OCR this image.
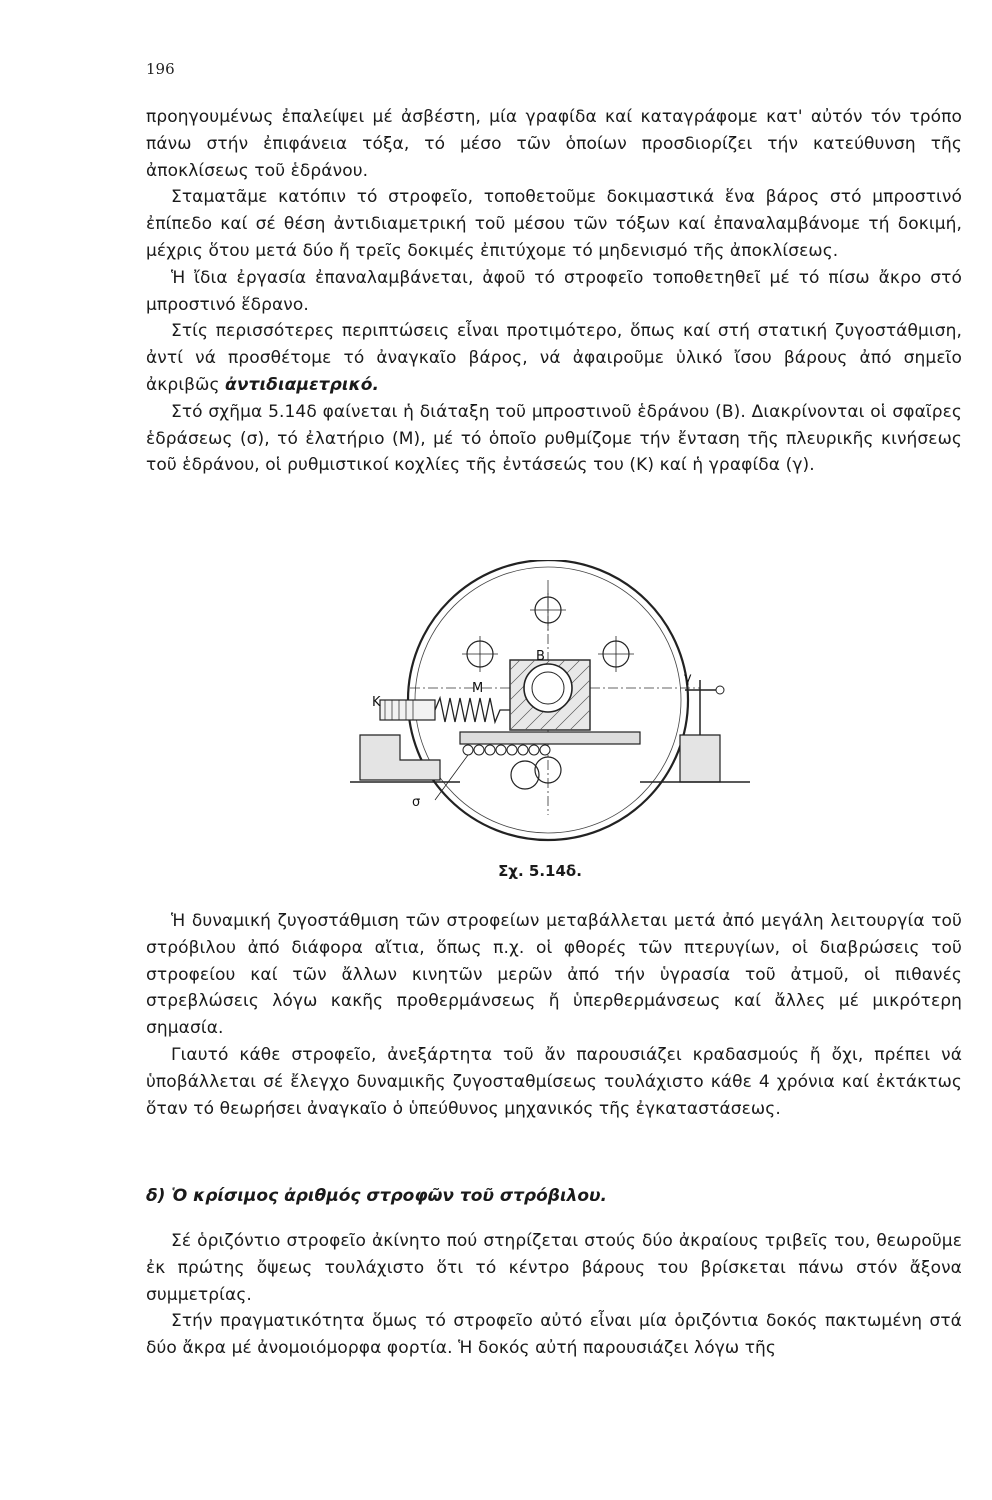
196

προηγουμένως ἐπαλείψει μέ ἀσβέστη, μία γραφίδα καί καταγράφομε κατ' αὐτόν τόν τρόπο πάνω στήν ἐπιφάνεια τόξα, τό μέσο τῶν ὁποίων προσδιορίζει τήν κατεύθυνση τῆς ἀποκλίσεως τοῦ ἑδράνου.

Σταματᾶμε κατόπιν τό στροφεῖο, τοποθετοῦμε δοκιμαστικά ἕνα βάρος στό μπροστινό ἐπίπεδο καί σέ θέση ἀντιδιαμετρική τοῦ μέσου τῶν τόξων καί ἐπαναλαμβάνομε τή δοκιμή, μέχρις ὅτου μετά δύο ἤ τρεῖς δοκιμές ἐπιτύχομε τό μηδενισμό τῆς ἀποκλίσεως.

Ἡ ἴδια ἐργασία ἐπαναλαμβάνεται, ἀφοῦ τό στροφεῖο τοποθετηθεῖ μέ τό πίσω ἄκρο στό μπροστινό ἕδρανο.

Στίς περισσότερες περιπτώσεις εἶναι προτιμότερο, ὅπως καί στή στατική ζυγοστάθμιση, ἀντί νά προσθέτομε τό ἀναγκαῖο βάρος, νά ἀφαιροῦμε ὑλικό ἴσου βάρους ἀπό σημεῖο ἀκριβῶς ἀντιδιαμετρικό.

Στό σχῆμα 5.14δ φαίνεται ἡ διάταξη τοῦ μπροστινοῦ ἑδράνου (Β). Διακρίνονται οἱ σφαῖρες ἑδράσεως (σ), τό ἐλατήριο (Μ), μέ τό ὁποῖο ρυθμίζομε τήν ἔνταση τῆς πλευρικῆς κινήσεως τοῦ ἑδράνου, οἱ ρυθμιστικοί κοχλίες τῆς ἐντάσεώς του (Κ) καί ἡ γραφίδα (γ).

Β
Μ
Κ
γ
σ
Σχ. 5.14δ.

Ἡ δυναμική ζυγοστάθμιση τῶν στροφείων μεταβάλλεται μετά ἀπό μεγάλη λειτουργία τοῦ στρόβιλου ἀπό διάφορα αἴτια, ὅπως π.χ. οἱ φθορές τῶν πτερυγίων, οἱ διαβρώσεις τοῦ στροφείου καί τῶν ἄλλων κινητῶν μερῶν ἀπό τήν ὑγρασία τοῦ ἀτμοῦ, οἱ πιθανές στρεβλώσεις λόγω κακῆς προθερμάνσεως ἤ ὑπερθερμάνσεως καί ἄλλες μέ μικρότερη σημασία.

Γιαυτό κάθε στροφεῖο, ἀνεξάρτητα τοῦ ἄν παρουσιάζει κραδασμούς ἤ ὄχι, πρέπει νά ὑποβάλλεται σέ ἔλεγχο δυναμικῆς ζυγοσταθμίσεως τουλάχιστο κάθε 4 χρόνια καί ἐκτάκτως ὅταν τό θεωρήσει ἀναγκαῖο ὁ ὑπεύθυνος μηχανικός τῆς ἐγκαταστάσεως.

δ) Ὁ κρίσιμος ἀριθμός στροφῶν τοῦ στρόβιλου.

Σέ ὁριζόντιο στροφεῖο ἀκίνητο πού στηρίζεται στούς δύο ἀκραίους τριβεῖς του, θεωροῦμε ἐκ πρώτης ὄψεως τουλάχιστο ὅτι τό κέντρο βάρους του βρίσκεται πάνω στόν ἄξονα συμμετρίας.

Στήν πραγματικότητα ὅμως τό στροφεῖο αὐτό εἶναι μία ὁριζόντια δοκός πακτωμένη στά δύο ἄκρα μέ ἀνομοιόμορφα φορτία. Ἡ δοκός αὐτή παρουσιάζει λόγω τῆς
